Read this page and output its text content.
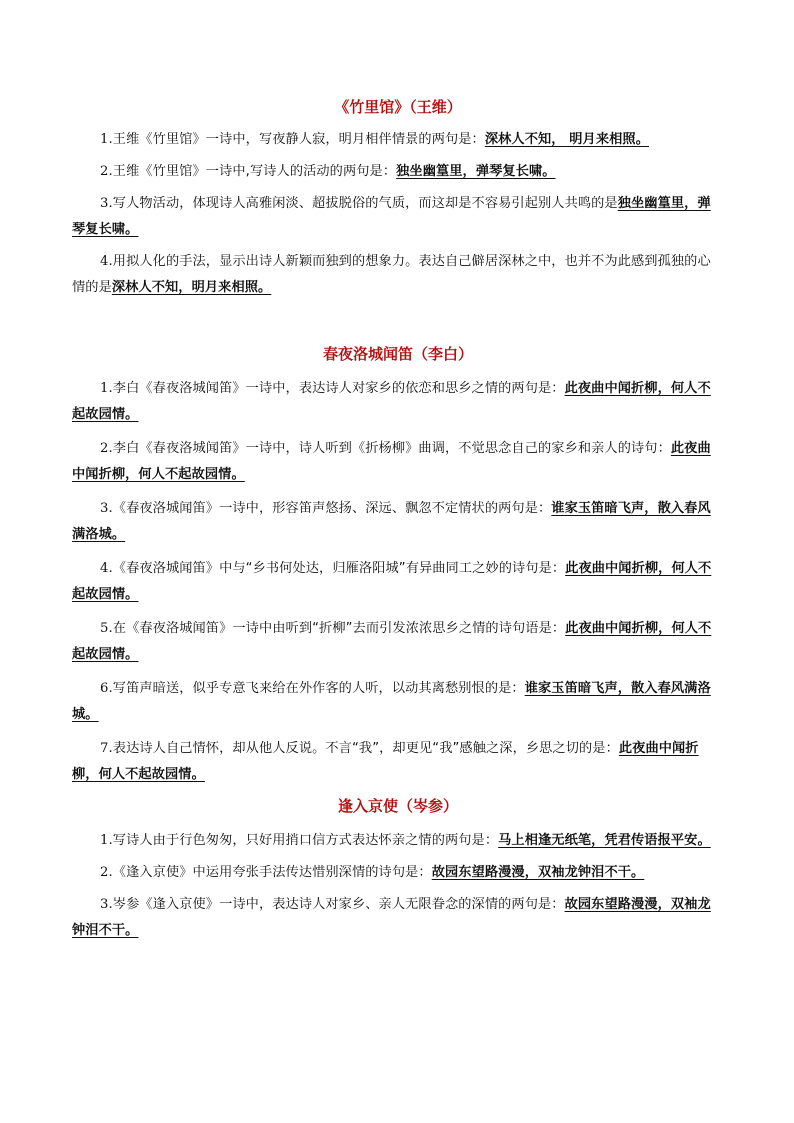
《竹里馆》（王维）

1.王维《竹里馆》一诗中，写夜静人寂，明月相伴情景的两句是：深林人不知， 明月来相照。

2.王维《竹里馆》一诗中,写诗人的活动的两句是：独坐幽篁里，弹琴复长啸。

3.写人物活动，体现诗人高雅闲淡、超拔脱俗的气质，而这却是不容易引起别人共鸣的是独坐幽篁里，弹琴复长啸。

4.用拟人化的手法，显示出诗人新颖而独到的想象力。表达自己僻居深林之中，也并不为此感到孤独的心情的是深林人不知，明月来相照。

春夜洛城闻笛（李白）

1.李白《春夜洛城闻笛》一诗中，表达诗人对家乡的依恋和思乡之情的两句是：此夜曲中闻折柳，何人不起故园情。

2.李白《春夜洛城闻笛》一诗中，诗人听到《折杨柳》曲调，不觉思念自己的家乡和亲人的诗句：此夜曲中闻折柳，何人不起故园情。

3.《春夜洛城闻笛》一诗中，形容笛声悠扬、深远、飘忽不定情状的两句是：谁家玉笛暗飞声，散入春风满洛城。

4.《春夜洛城闻笛》中与“乡书何处达，归雁洛阳城”有异曲同工之妙的诗句是：此夜曲中闻折柳，何人不起故园情。

5.在《春夜洛城闻笛》一诗中由听到“折柳”去而引发浓浓思乡之情的诗句语是：此夜曲中闻折柳，何人不起故园情。

6.写笛声暗送，似乎专意飞来给在外作客的人听，以动其离愁别恨的是：谁家玉笛暗飞声，散入春风满洛城。

7.表达诗人自己情怀，却从他人反说。不言“我”，却更见“我”感触之深，乡思之切的是：此夜曲中闻折柳，何人不起故园情。

逢入京使（岑参）

1.写诗人由于行色匆匆，只好用捎口信方式表达怀亲之情的两句是：马上相逢无纸笔，凭君传语报平安。

2.《逢入京使》中运用夸张手法传达惜别深情的诗句是：故园东望路漫漫，双袖龙钟泪不干。

3.岑参《逢入京使》一诗中，表达诗人对家乡、亲人无限眷念的深情的两句是：故园东望路漫漫，双袖龙钟泪不干。
